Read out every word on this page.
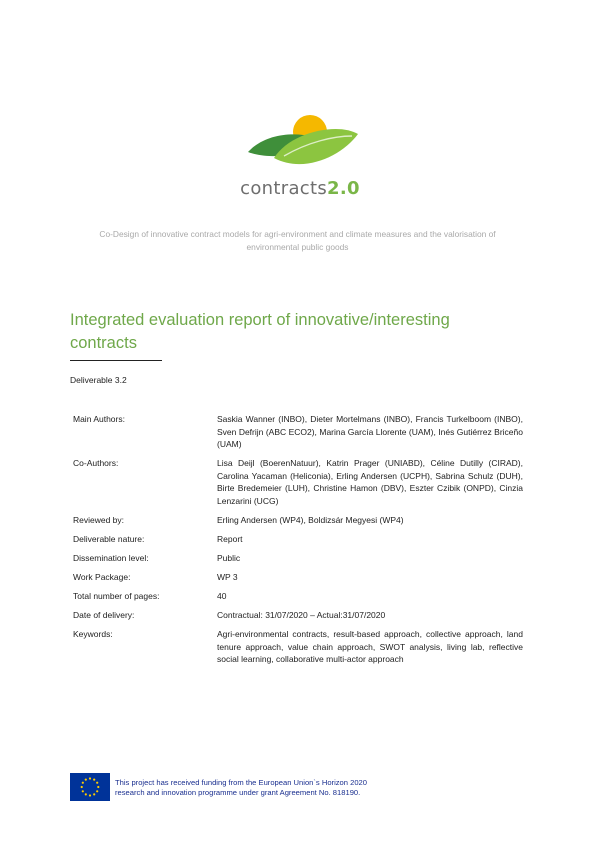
contracts2.0
Co-Design of innovative contract models for agri-environment and climate measures and the valorisation of environmental public goods
Integrated evaluation report of innovative/interesting contracts
Deliverable 3.2
Main Authors:	Saskia Wanner (INBO), Dieter Mortelmans (INBO), Francis Turkelboom (INBO), Sven Defrijn (ABC ECO2), Marina García Llorente (UAM), Inés Gutiérrez Briceño (UAM)
Co-Authors:	Lisa Deijl (BoerenNatuur), Katrin Prager (UNIABD), Céline Dutilly (CIRAD), Carolina Yacaman (Heliconia), Erling Andersen (UCPH), Sabrina Schulz (DUH), Birte Bredemeier (LUH), Christine Hamon (DBV), Eszter Czibik (ONPD), Cinzia Lenzarini (UCG)
Reviewed by:	Erling Andersen (WP4), Boldizsár Megyesi (WP4)
Deliverable nature:	Report
Dissemination level:	Public
Work Package:	WP 3
Total number of pages:	40
Date of delivery:	Contractual: 31/07/2020 – Actual:31/07/2020
Keywords:	Agri-environmental contracts, result-based approach, collective approach, land tenure approach, value chain approach, SWOT analysis, living lab, reflective social learning, collaborative multi-actor approach
This project has received funding from the European Union`s Horizon 2020
research and innovation programme under grant Agreement No. 818190.
